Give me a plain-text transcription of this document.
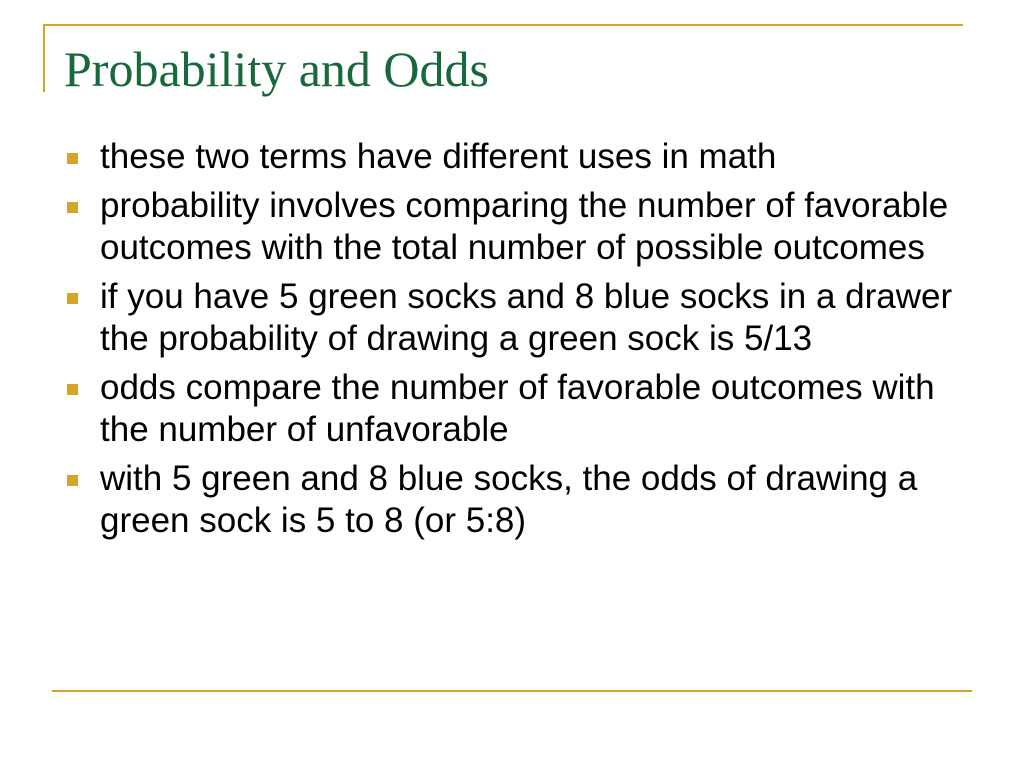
Probability and Odds
these two terms have different uses in math
probability involves comparing the number of favorable outcomes with the total number of possible outcomes
if you have 5 green socks and 8 blue socks in a drawer the probability of drawing a green sock is 5/13
odds compare the number of favorable outcomes with the number of unfavorable
with 5 green and 8 blue socks, the odds of drawing a green sock is 5 to 8 (or 5:8)
